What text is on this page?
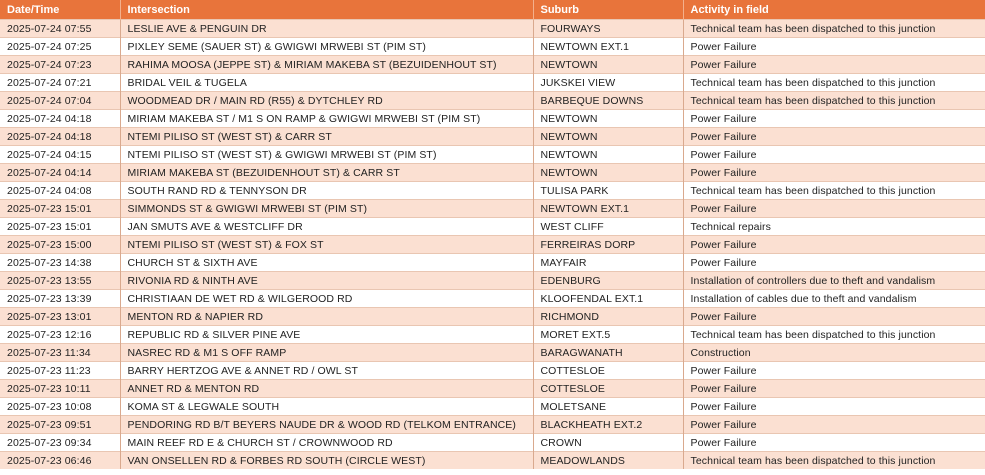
Date/Time	Intersection	Suburb	Activity in field
2025-07-24 07:55	LESLIE AVE & PENGUIN DR	FOURWAYS	Technical team has been dispatched to this junction
2025-07-24 07:25	PIXLEY SEME (SAUER ST) & GWIGWI MRWEBI ST (PIM ST)	NEWTOWN EXT.1	Power Failure
2025-07-24 07:23	RAHIMA MOOSA (JEPPE ST) & MIRIAM MAKEBA ST (BEZUIDENHOUT ST)	NEWTOWN	Power Failure
2025-07-24 07:21	BRIDAL VEIL & TUGELA	JUKSKEI VIEW	Technical team has been dispatched to this junction
2025-07-24 07:04	WOODMEAD DR / MAIN RD (R55) & DYTCHLEY RD	BARBEQUE DOWNS	Technical team has been dispatched to this junction
2025-07-24 04:18	MIRIAM MAKEBA ST / M1 S ON RAMP & GWIGWI MRWEBI ST (PIM ST)	NEWTOWN	Power Failure
2025-07-24 04:18	NTEMI PILISO ST (WEST ST) & CARR ST	NEWTOWN	Power Failure
2025-07-24 04:15	NTEMI PILISO ST (WEST ST) & GWIGWI MRWEBI ST (PIM ST)	NEWTOWN	Power Failure
2025-07-24 04:14	MIRIAM MAKEBA ST (BEZUIDENHOUT ST) & CARR ST	NEWTOWN	Power Failure
2025-07-24 04:08	SOUTH RAND RD & TENNYSON DR	TULISA PARK	Technical team has been dispatched to this junction
2025-07-23 15:01	SIMMONDS ST & GWIGWI MRWEBI ST (PIM ST)	NEWTOWN EXT.1	Power Failure
2025-07-23 15:01	JAN SMUTS AVE & WESTCLIFF DR	WEST CLIFF	Technical repairs
2025-07-23 15:00	NTEMI PILISO ST (WEST ST) & FOX ST	FERREIRAS DORP	Power Failure
2025-07-23 14:38	CHURCH ST & SIXTH AVE	MAYFAIR	Power Failure
2025-07-23 13:55	RIVONIA RD & NINTH AVE	EDENBURG	Installation of controllers due to theft and vandalism
2025-07-23 13:39	CHRISTIAAN DE WET RD & WILGEROOD RD	KLOOFENDAL EXT.1	Installation of cables due to theft and vandalism
2025-07-23 13:01	MENTON RD & NAPIER RD	RICHMOND	Power Failure
2025-07-23 12:16	REPUBLIC RD & SILVER PINE AVE	MORET EXT.5	Technical team has been dispatched to this junction
2025-07-23 11:34	NASREC RD & M1 S OFF RAMP	BARAGWANATH	Construction
2025-07-23 11:23	BARRY HERTZOG AVE & ANNET RD / OWL ST	COTTESLOE	Power Failure
2025-07-23 10:11	ANNET RD & MENTON RD	COTTESLOE	Power Failure
2025-07-23 10:08	KOMA ST & LEGWALE SOUTH	MOLETSANE	Power Failure
2025-07-23 09:51	PENDORING RD B/T BEYERS NAUDE DR & WOOD RD (TELKOM ENTRANCE)	BLACKHEATH EXT.2	Power Failure
2025-07-23 09:34	MAIN REEF RD E & CHURCH ST / CROWNWOOD RD	CROWN	Power Failure
2025-07-23 06:46	VAN ONSELLEN RD & FORBES RD SOUTH (CIRCLE WEST)	MEADOWLANDS	Technical team has been dispatched to this junction
